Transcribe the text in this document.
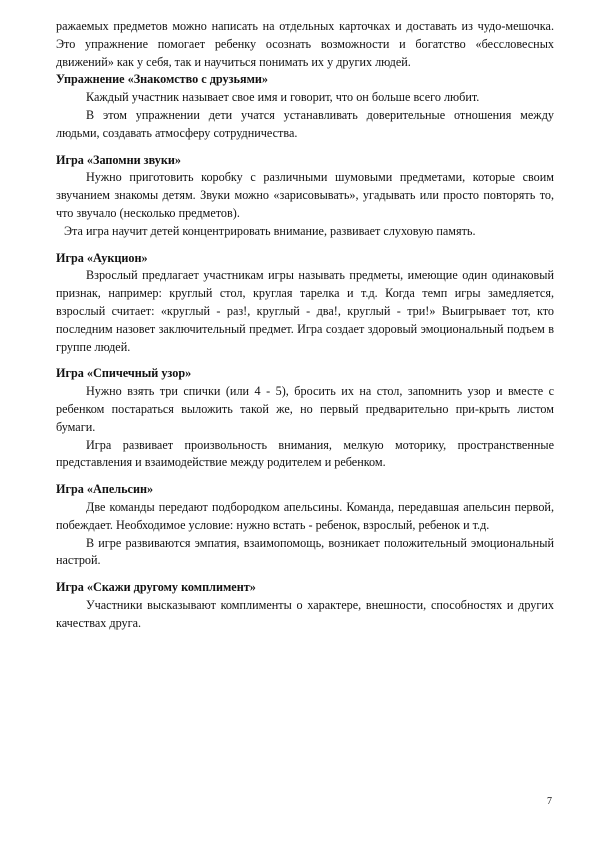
ражаемых предметов можно написать на отдельных карточках и доставать из чудо-мешочка. Это упражнение помогает ребенку осознать возможности и богатство «бессловесных движений» как у себя, так и научиться понимать их у других людей.

Упражнение «Знакомство с друзьями»

Каждый участник называет свое имя и говорит, что он больше всего любит.

В этом упражнении дети учатся устанавливать доверительные отношения между людьми, создавать атмосферу сотрудничества.

Игра «Запомни звуки»

Нужно приготовить коробку с различными шумовыми предметами, которые своим звучанием знакомы детям. Звуки можно «зарисовывать», угадывать или просто повторять то, что звучало (несколько предметов).

Эта игра научит детей концентрировать внимание, развивает слуховую память.

Игра «Аукцион»

Взрослый предлагает участникам игры называть предметы, имеющие один одинаковый признак, например: круглый стол, круглая тарелка и т.д. Когда темп игры замедляется, взрослый считает: «круглый - раз!, круглый - два!, круглый - три!» Выигрывает тот, кто последним назовет заключительный предмет. Игра создает здоровый эмоциональный подъем в группе людей.

Игра «Спичечный узор»

Нужно взять три спички (или 4 - 5), бросить их на стол, запомнить узор и вместе с ребенком постараться выложить такой же, но первый предварительно при-крыть листом бумаги.

Игра развивает произвольность внимания, мелкую моторику, пространственные представления и взаимодействие между родителем и ребенком.

Игра «Апельсин»

Две команды передают подбородком апельсины. Команда, передавшая апельсин первой, побеждает. Необходимое условие: нужно встать - ребенок, взрослый, ребенок и т.д.

В игре развиваются эмпатия, взаимопомощь, возникает положительный эмоциональный настрой.

Игра «Скажи другому комплимент»

Участники высказывают комплименты о характере, внешности, способностях и других качествах друга.

7
